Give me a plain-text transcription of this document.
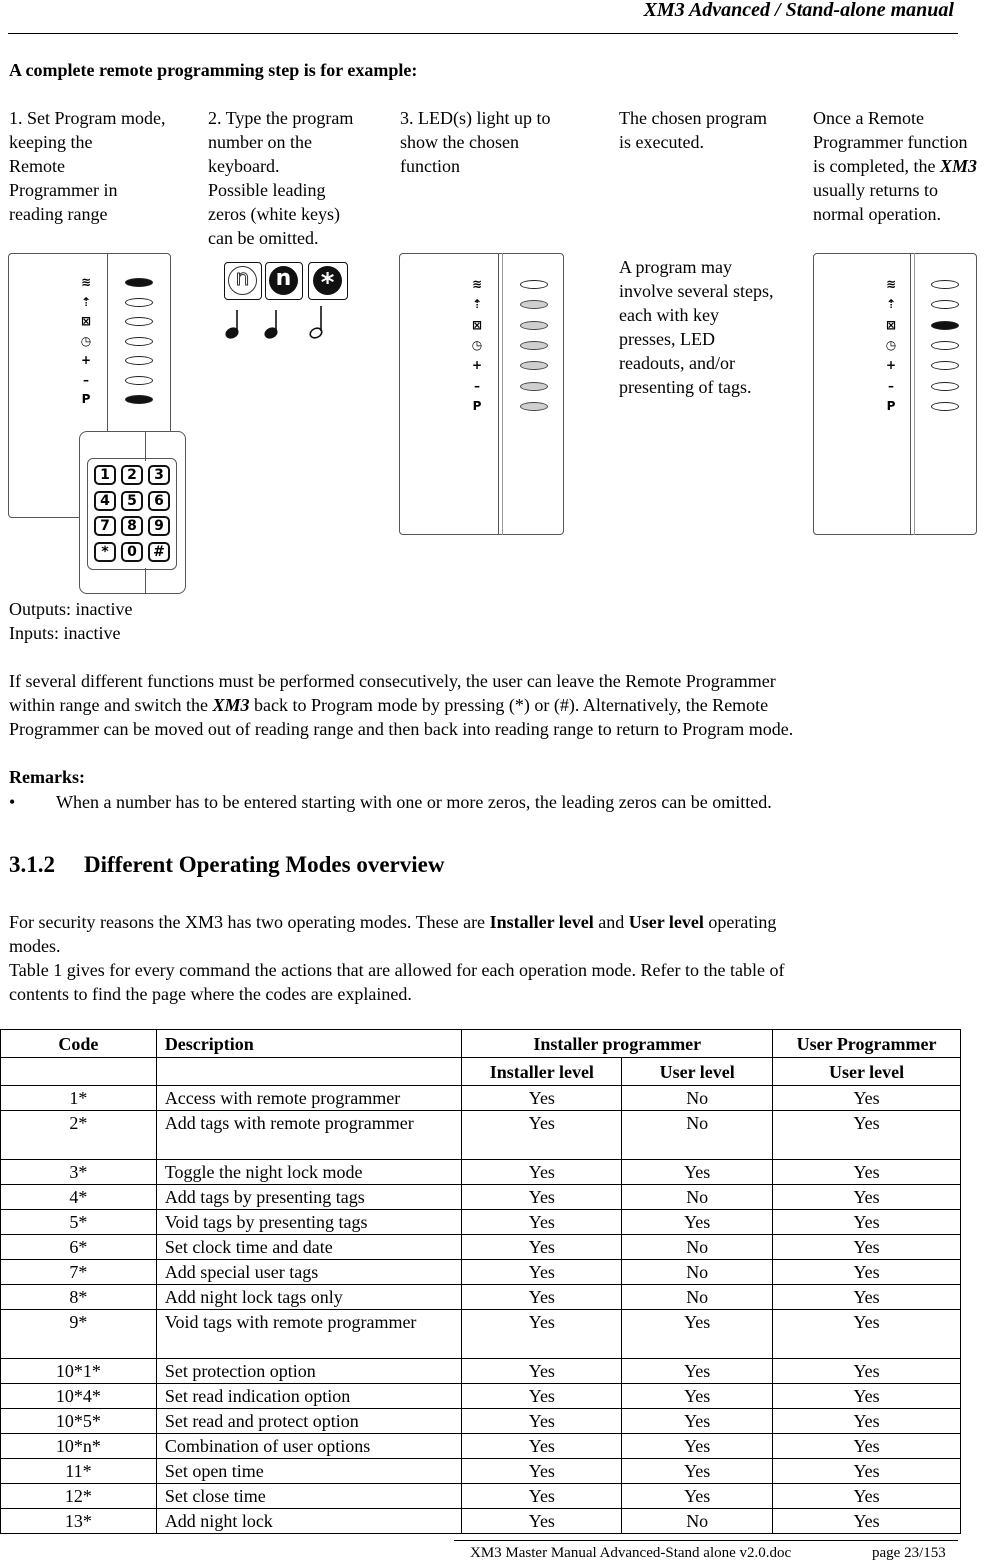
XM3 Advanced / Stand-alone manual
A complete remote programming step is for example:
1. Set Program mode,
keeping the
Remote
Programmer in
reading range
2. Type the program
number on the
keyboard.
Possible leading
zeros (white keys)
can be omitted.
3. LED(s) light up to
show the chosen
function
The chosen program
is executed.
Once a Remote
Programmer function
is completed, the XM3
usually returns to
normal operation.
A program may
involve several steps,
each with key
presses, LED
readouts, and/or
presenting of tags.
≋
⇡
⊠
◷
+
–
P
1	2	3
4	5	6
7	8	9
*	0	#
n	n *	≋
⇡
⊠
◷
+
–
P
≋
⇡
⊠
◷
+
–
P
Outputs: inactive
Inputs: inactive
If several different functions must be performed consecutively, the user can leave the Remote Programmer
within range and switch the XM3 back to Program mode by pressing (*) or (#). Alternatively, the Remote
Programmer can be moved out of reading range and then back into reading range to return to Program mode.
Remarks:
• When a number has to be entered starting with one or more zeros, the leading zeros can be omitted.
3.1.2 Different Operating Modes overview
For security reasons the XM3 has two operating modes. These are Installer level and User level operating
modes.
Table 1 gives for every command the actions that are allowed for each operation mode. Refer to the table of
contents to find the page where the codes are explained.
Code	Description	Installer programmer		User Programmer
		Installer level	User level	User level
1*	Access with remote programmer	Yes	No	Yes
2*	Add tags with remote programmer	Yes	No	Yes
3*	Toggle the night lock mode	Yes	Yes	Yes
4*	Add tags by presenting tags	Yes	No	Yes
5*	Void tags by presenting tags	Yes	Yes	Yes
6*	Set clock time and date	Yes	No	Yes
7*	Add special user tags	Yes	No	Yes
8*	Add night lock tags only	Yes	No	Yes
9*	Void tags with remote programmer	Yes	Yes	Yes
10*1*	Set protection option	Yes	Yes	Yes
10*4*	Set read indication option	Yes	Yes	Yes
10*5*	Set read and protect option	Yes	Yes	Yes
10*n*	Combination of user options	Yes	Yes	Yes
11*	Set open time	Yes	Yes	Yes
12*	Set close time	Yes	Yes	Yes
13*	Add night lock	Yes	No	Yes
XM3 Master Manual Advanced-Stand alone v2.0.doc	page 23/153
